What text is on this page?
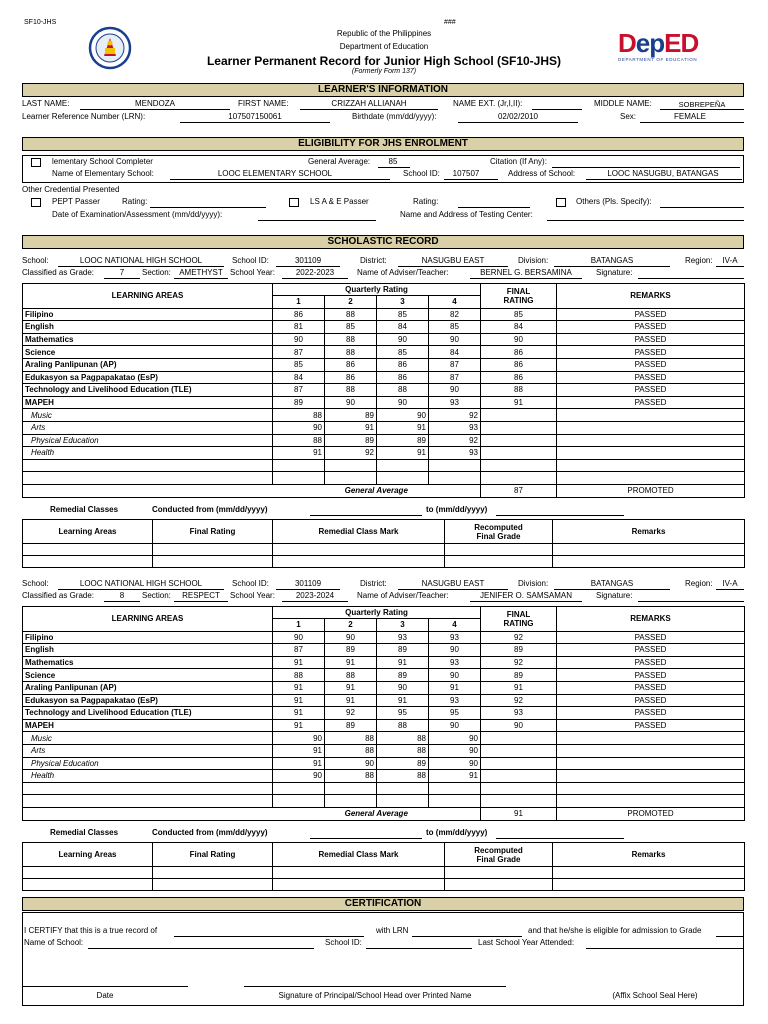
SF10-JHS	###
Republic of the Philippines
Department of Education
Learner Permanent Record for Junior High School (SF10-JHS)
(Formerly Form 137)
DepED
DEPARTMENT OF EDUCATION
LEARNER'S INFORMATION
LAST NAME:	MENDOZA	FIRST NAME:	CRIZZAH ALLIANAH	NAME EXT. (Jr,I,II):	MIDDLE NAME:	SOBREPEÑA
Learner Reference Number (LRN):	107507150061	Birthdate (mm/dd/yyyy):	02/02/2010	Sex:	FEMALE
ELIGIBILITY FOR JHS ENROLMENT
lementary School Completer	General Average:	85	Citation (If Any):
Name of Elementary School:	LOOC ELEMENTARY SCHOOL	School ID:	107507	Address of School:	LOOC NASUGBU, BATANGAS
Other Credential Presented
PEPT Passer	Rating:	LS A & E Passer	Rating:	Others (Pls. Specify):
Date of Examination/Assessment (mm/dd/yyyy):	Name and Address of Testing Center:
SCHOLASTIC RECORD
School:	LOOC NATIONAL HIGH SCHOOL	School ID:	301109	District:	NASUGBU EAST	Division:	BATANGAS	Region:	IV-A
Classified as Grade:	7	Section:	AMETHYST School Year:	2022-2023	Name of Adviser/Teacher:	BERNEL G. BERSAMINA	Signature:
LEARNING AREAS	Quarterly Rating				FINAL
RATING	REMARKS
	1	2	3	4		
Filipino	86	88	85	82	85	PASSED
English	81	85	84	85	84	PASSED
Mathematics	90	88	90	90	90	PASSED
Science	87	88	85	84	86	PASSED
Araling Panlipunan (AP)	85	86	86	87	86	PASSED
Edukasyon sa Pagpapakatao (EsP)	84	86	86	87	86	PASSED
Technology and Livelihood Education (TLE)	87	88	88	90	88	PASSED
MAPEH	89	90	90	93	91	PASSED
Music	88	89	90	92		
Arts	90	91	91	93		
Physical Education	88	89	89	92		
Health	91	92	91	93		

	General Average				87	PROMOTED
Remedial Classes	Conducted from (mm/dd/yyyy)	to (mm/dd/yyyy)
Learning Areas	Final Rating	Remedial Class Mark	Recomputed
Final Grade	Remarks

School:	LOOC NATIONAL HIGH SCHOOL	School ID:	301109	District:	NASUGBU EAST	Division:	BATANGAS	Region:	IV-A
Classified as Grade:	8	Section:	RESPECT	School Year:	2023-2024	Name of Adviser/Teacher:	JENIFER O. SAMSAMAN	Signature:
LEARNING AREAS	Quarterly Rating				FINAL
RATING	REMARKS
	1	2	3	4		
Filipino	90	90	93	93	92	PASSED
English	87	89	89	90	89	PASSED
Mathematics	91	91	91	93	92	PASSED
Science	88	88	89	90	89	PASSED
Araling Panlipunan (AP)	91	91	90	91	91	PASSED
Edukasyon sa Pagpapakatao (EsP)	91	91	91	93	92	PASSED
Technology and Livelihood Education (TLE)	91	92	95	95	93	PASSED
MAPEH	91	89	88	90	90	PASSED
Music	90	88	88	90		
Arts	91	88	88	90		
Physical Education	91	90	89	90		
Health	90	88	88	91		

	General Average				91	PROMOTED
Remedial Classes	Conducted from (mm/dd/yyyy)	to (mm/dd/yyyy)
Learning Areas	Final Rating	Remedial Class Mark	Recomputed
Final Grade	Remarks

CERTIFICATION
I CERTIFY that this is a true record of	with LRN	and that he/she is eligible for admission to Grade
Name of School:	School ID:	Last School Year Attended:
Date	Signature of Principal/School Head over Printed Name	(Affix School Seal Here)
